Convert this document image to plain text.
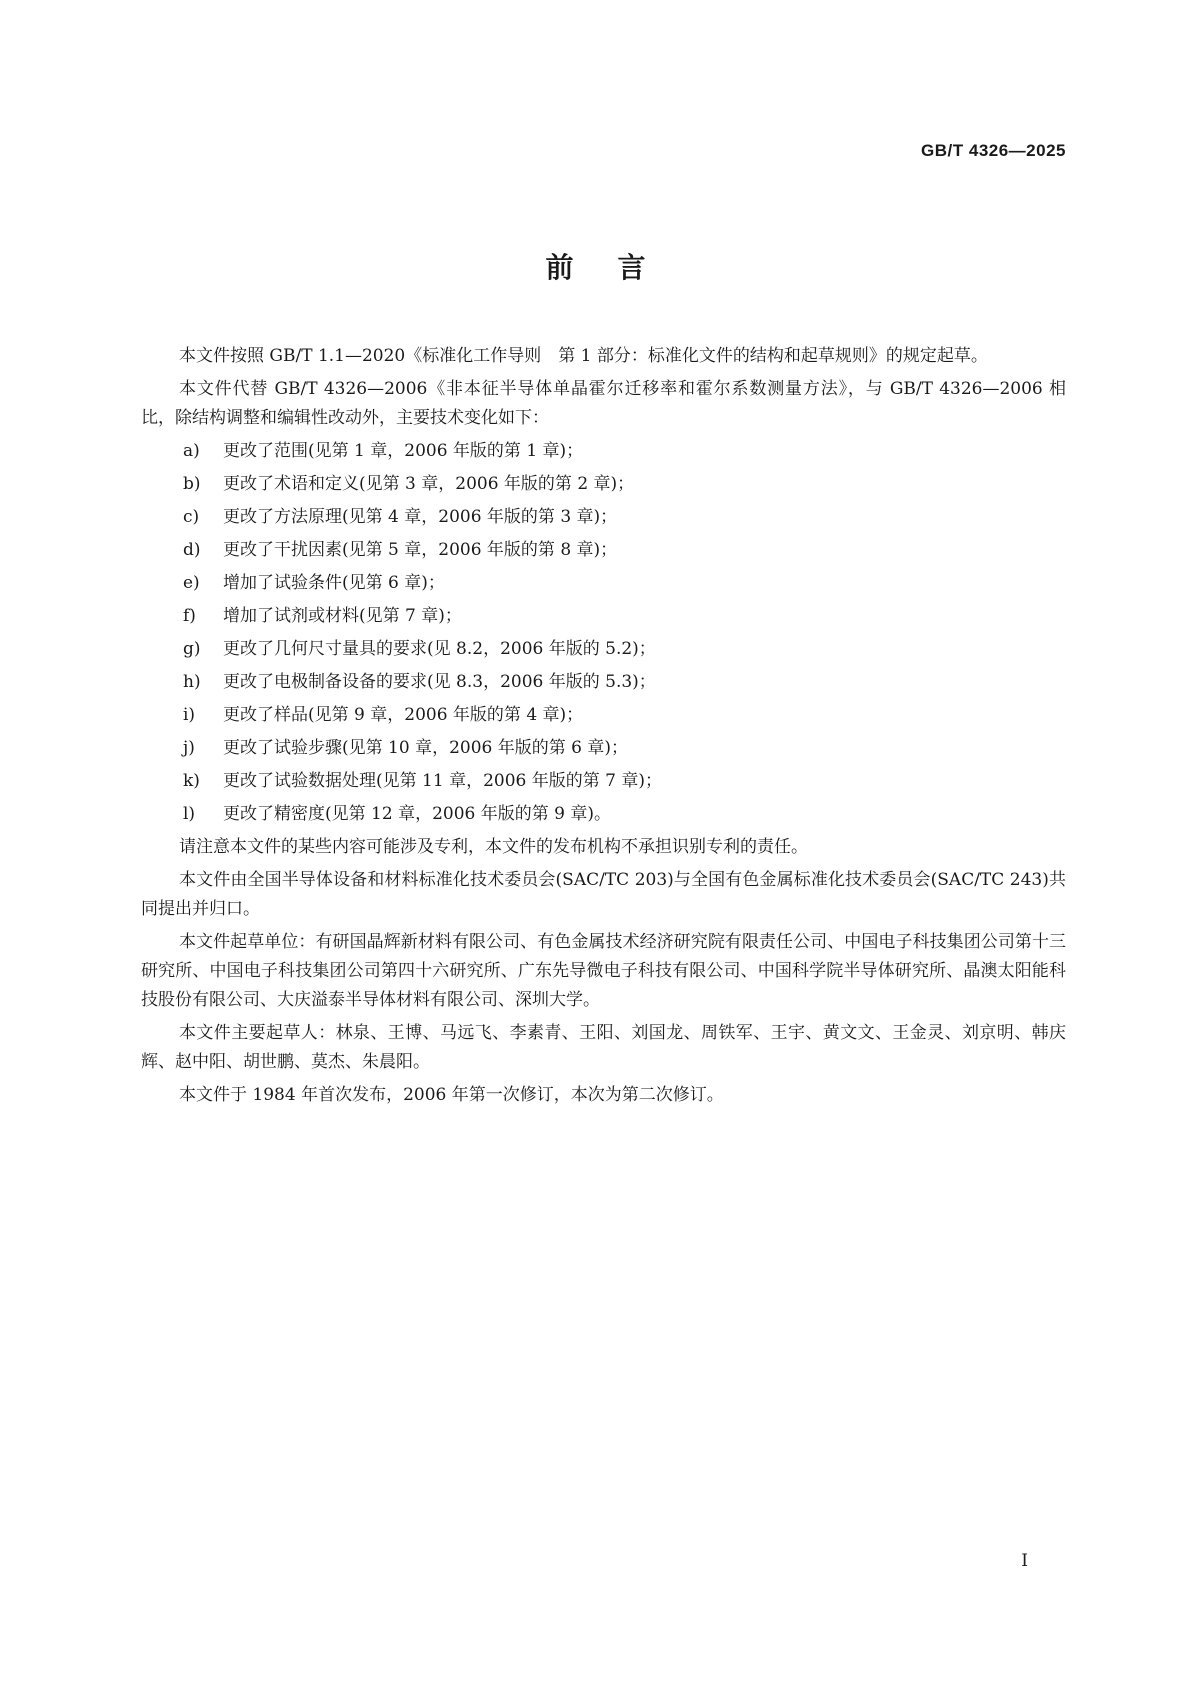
GB/T 4326—2025
前言

本文件按照 GB/T 1.1—2020《标准化工作导则　第 1 部分：标准化文件的结构和起草规则》的规定起草。

本文件代替 GB/T 4326—2006《非本征半导体单晶霍尔迁移率和霍尔系数测量方法》，与 GB/T 4326—2006 相比，除结构调整和编辑性改动外，主要技术变化如下：

a)	更改了范围(见第 1 章，2006 年版的第 1 章)；
b)	更改了术语和定义(见第 3 章，2006 年版的第 2 章)；
c)	更改了方法原理(见第 4 章，2006 年版的第 3 章)；
d)	更改了干扰因素(见第 5 章，2006 年版的第 8 章)；
e)	增加了试验条件(见第 6 章)；
f)	增加了试剂或材料(见第 7 章)；
g)	更改了几何尺寸量具的要求(见 8.2，2006 年版的 5.2)；
h)	更改了电极制备设备的要求(见 8.3，2006 年版的 5.3)；
i)	更改了样品(见第 9 章，2006 年版的第 4 章)；
j)	更改了试验步骤(见第 10 章，2006 年版的第 6 章)；
k)	更改了试验数据处理(见第 11 章，2006 年版的第 7 章)；
l)	更改了精密度(见第 12 章，2006 年版的第 9 章)。

请注意本文件的某些内容可能涉及专利，本文件的发布机构不承担识别专利的责任。

本文件由全国半导体设备和材料标准化技术委员会(SAC/TC 203)与全国有色金属标准化技术委员会(SAC/TC 243)共同提出并归口。

本文件起草单位：有研国晶辉新材料有限公司、有色金属技术经济研究院有限责任公司、中国电子科技集团公司第十三研究所、中国电子科技集团公司第四十六研究所、广东先导微电子科技有限公司、中国科学院半导体研究所、晶澳太阳能科技股份有限公司、大庆溢泰半导体材料有限公司、深圳大学。

本文件主要起草人：林泉、王博、马远飞、李素青、王阳、刘国龙、周铁军、王宇、黄文文、王金灵、刘京明、韩庆辉、赵中阳、胡世鹏、莫杰、朱晨阳。

本文件于 1984 年首次发布，2006 年第一次修订，本次为第二次修订。

I
